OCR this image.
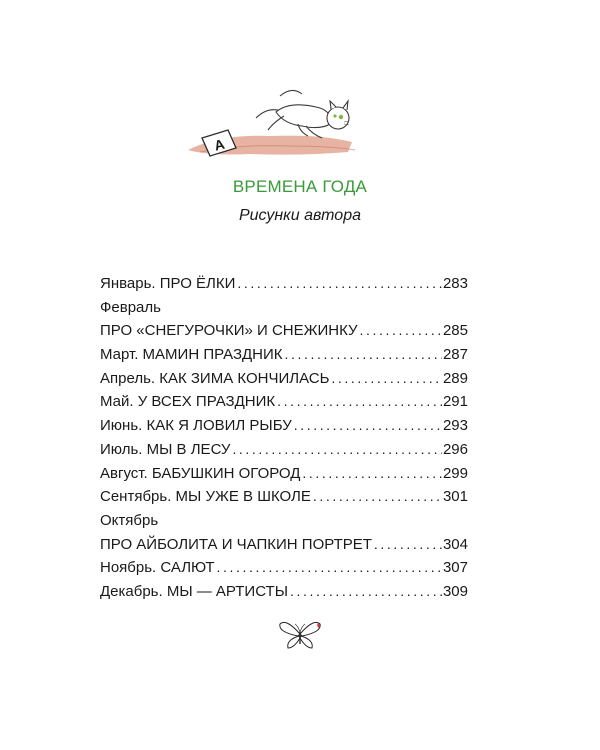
А
ВРЕМЕНА ГОДА

Рисунки автора

Январь. ПРО ЁЛКИ .....	283
Февраль
ПРО «СНЕГУРОЧКИ» И СНЕЖИНКУ .....	285
Март. МАМИН ПРАЗДНИК .....	287
Апрель. КАК ЗИМА КОНЧИЛАСЬ .....	289
Май. У ВСЕХ ПРАЗДНИК .....	291
Июнь. КАК Я ЛОВИЛ РЫБУ .....	293
Июль. МЫ В ЛЕСУ .....	296
Август. БАБУШКИН ОГОРОД .....	299
Сентябрь. МЫ УЖЕ В ШКОЛЕ .....	301
Октябрь
ПРО АЙБОЛИТА И ЧАПКИН ПОРТРЕТ .....	304
Ноябрь. САЛЮТ .....	307
Декабрь. МЫ — АРТИСТЫ .....	309
